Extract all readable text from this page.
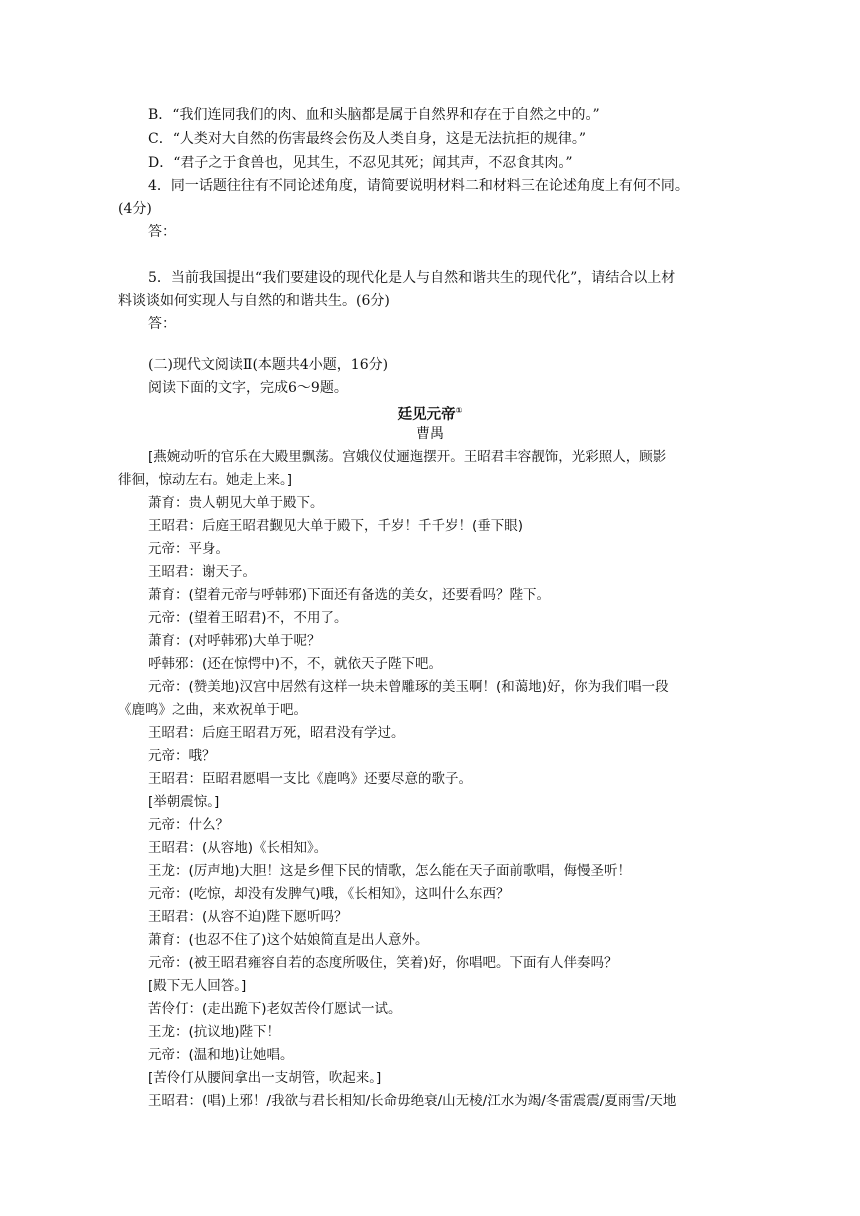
B．“我们连同我们的肉、血和头脑都是属于自然界和存在于自然之中的。”
C．“人类对大自然的伤害最终会伤及人类自身，这是无法抗拒的规律。”
D．“君子之于食兽也，见其生，不忍见其死；闻其声，不忍食其肉。”
4．同一话题往往有不同论述角度，请简要说明材料二和材料三在论述角度上有何不同。
(4分)
答：
5．当前我国提出“我们要建设的现代化是人与自然和谐共生的现代化”，请结合以上材
料谈谈如何实现人与自然的和谐共生。(6分)
答：
(二)现代文阅读Ⅱ(本题共4小题，16分)
阅读下面的文字，完成6～9题。
廷见元帝①
曹禺
[燕婉动听的官乐在大殿里飘荡。宫娥仪仗逦迤摆开。王昭君丰容靓饰，光彩照人，顾影
徘徊，惊动左右。她走上来。]
萧育：贵人朝见大单于殿下。
王昭君：后庭王昭君觐见大单于殿下，千岁！千千岁！(垂下眼)
元帝：平身。
王昭君：谢天子。
萧育：(望着元帝与呼韩邪)下面还有备选的美女，还要看吗？陛下。
元帝：(望着王昭君)不，不用了。
萧育：(对呼韩邪)大单于呢？
呼韩邪：(还在惊愕中)不，不，就依天子陛下吧。
元帝：(赞美地)汉宫中居然有这样一块未曾雕琢的美玉啊！(和蔼地)好，你为我们唱一段
《鹿鸣》之曲，来欢祝单于吧。
王昭君：后庭王昭君万死，昭君没有学过。
元帝：哦？
王昭君：臣昭君愿唱一支比《鹿鸣》还要尽意的歌子。
[举朝震惊。]
元帝：什么？
王昭君：(从容地)《长相知》。
王龙：(厉声地)大胆！这是乡俚下民的情歌，怎么能在天子面前歌唱，侮慢圣听！
元帝：(吃惊，却没有发脾气)哦，《长相知》，这叫什么东西？
王昭君：(从容不迫)陛下愿听吗？
萧育：(也忍不住了)这个姑娘简直是出人意外。
元帝：(被王昭君雍容自若的态度所吸住，笑着)好，你唱吧。下面有人伴奏吗？
[殿下无人回答。]
苦伶仃：(走出跪下)老奴苦伶仃愿试一试。
王龙：(抗议地)陛下！
元帝：(温和地)让她唱。
[苦伶仃从腰间拿出一支胡管，吹起来。]
王昭君：(唱)上邪！/我欲与君长相知/长命毋绝衰/山无棱/江水为竭/冬雷震震/夏雨雪/天地
